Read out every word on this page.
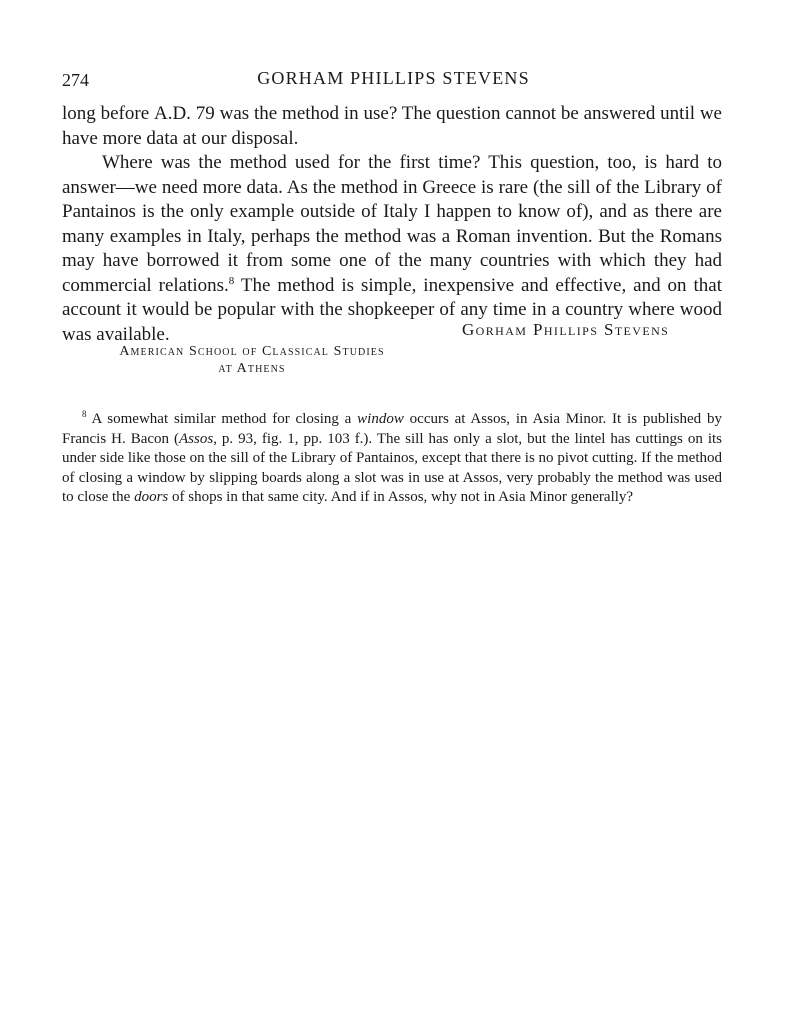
274	GORHAM PHILLIPS STEVENS

long before A.D. 79 was the method in use? The question cannot be answered until we have more data at our disposal.

Where was the method used for the first time? This question, too, is hard to answer—we need more data. As the method in Greece is rare (the sill of the Library of Pantainos is the only example outside of Italy I happen to know of), and as there are many examples in Italy, perhaps the method was a Roman invention. But the Romans may have borrowed it from some one of the many countries with which they had commercial relations.$^8$ The method is simple, inexpensive and effective, and on that account it would be popular with the shopkeeper of any time in a country where wood was available.	Gorham Phillips Stevens
American School of Classical Studies
at Athens

$^8$ A somewhat similar method for closing a window occurs at Assos, in Asia Minor. It is published by Francis H. Bacon (Assos, p. 93, fig. 1, pp. 103 f.). The sill has only a slot, but the lintel has cuttings on its under side like those on the sill of the Library of Pantainos, except that there is no pivot cutting. If the method of closing a window by slipping boards along a slot was in use at Assos, very probably the method was used to close the doors of shops in that same city. And if in Assos, why not in Asia Minor generally?
